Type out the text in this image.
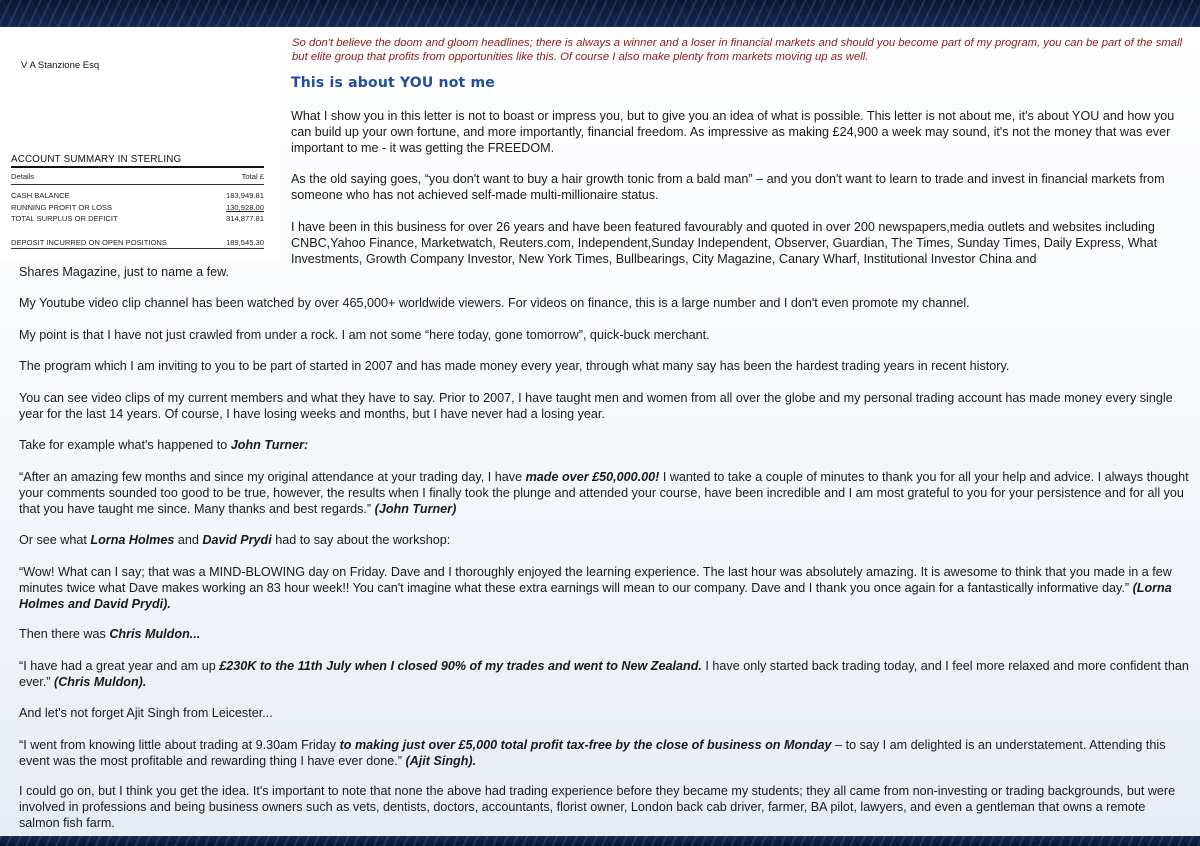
V A Stanzione Esq
ACCOUNT SUMMARY IN STERLING
Details	Total £
CASH BALANCE	183,949.81
RUNNING PROFIT OR LOSS	130,928.00
TOTAL SURPLUS OR DEFICIT	314,877.81
DEPOSIT INCURRED ON OPEN POSITIONS	189,545.30
So don't believe the doom and gloom headlines; there is always a winner and a loser in financial markets and should you become part of my program, you can be part of the small but elite group that profits from opportunities like this. Of course I also make plenty from markets moving up as well.
This is about YOU not me
What I show you in this letter is not to boast or impress you, but to give you an idea of what is possible. This letter is not about me, it's about YOU and how you can build up your own fortune, and more importantly, financial freedom. As impressive as making £24,900 a week may sound, it's not the money that was ever important to me - it was getting the FREEDOM.
As the old saying goes, “you don't want to buy a hair growth tonic from a bald man” – and you don't want to learn to trade and invest in financial markets from someone who has not achieved self-made multi-millionaire status.
I have been in this business for over 26 years and have been featured favourably and quoted in over 200 newspapers,media outlets and websites including CNBC,Yahoo Finance, Marketwatch, Reuters.com, Independent,Sunday Independent, Observer, Guardian, The Times, Sunday Times, Daily Express, What Investments, Growth Company Investor, New York Times, Bullbearings, City Magazine, Canary Wharf, Institutional Investor China and
Shares Magazine, just to name a few.
My Youtube video clip channel has been watched by over 465,000+ worldwide viewers. For videos on finance, this is a large number and I don't even promote my channel.
My point is that I have not just crawled from under a rock. I am not some “here today, gone tomorrow”, quick-buck merchant.
The program which I am inviting to you to be part of started in 2007 and has made money every year, through what many say has been the hardest trading years in recent history.
You can see video clips of my current members and what they have to say. Prior to 2007, I have taught men and women from all over the globe and my personal trading account has made money every single year for the last 14 years. Of course, I have losing weeks and months, but I have never had a losing year.
Take for example what's happened to John Turner:
“After an amazing few months and since my original attendance at your trading day, I have made over £50,000.00! I wanted to take a couple of minutes to thank you for all your help and advice. I always thought your comments sounded too good to be true, however, the results when I finally took the plunge and attended your course, have been incredible and I am most grateful to you for your persistence and for all you that you have taught me since. Many thanks and best regards.” (John Turner)
Or see what Lorna Holmes and David Prydi had to say about the workshop:
“Wow! What can I say; that was a MIND-BLOWING day on Friday. Dave and I thoroughly enjoyed the learning experience. The last hour was absolutely amazing. It is awesome to think that you made in a few minutes twice what Dave makes working an 83 hour week!! You can't imagine what these extra earnings will mean to our company. Dave and I thank you once again for a fantastically informative day.” (Lorna Holmes and David Prydi).
Then there was Chris Muldon...
“I have had a great year and am up £230K to the 11th July when I closed 90% of my trades and went to New Zealand. I have only started back trading today, and I feel more relaxed and more confident than ever.” (Chris Muldon).
And let's not forget Ajit Singh from Leicester...
“I went from knowing little about trading at 9.30am Friday to making just over £5,000 total profit tax-free by the close of business on Monday – to say I am delighted is an understatement. Attending this event was the most profitable and rewarding thing I have ever done.” (Ajit Singh).
I could go on, but I think you get the idea. It's important to note that none the above had trading experience before they became my students; they all came from non-investing or trading backgrounds, but were involved in professions and being business owners such as vets, dentists, doctors, accountants, florist owner, London back cab driver, farmer, BA pilot, lawyers, and even a gentleman that owns a remote salmon fish farm.
